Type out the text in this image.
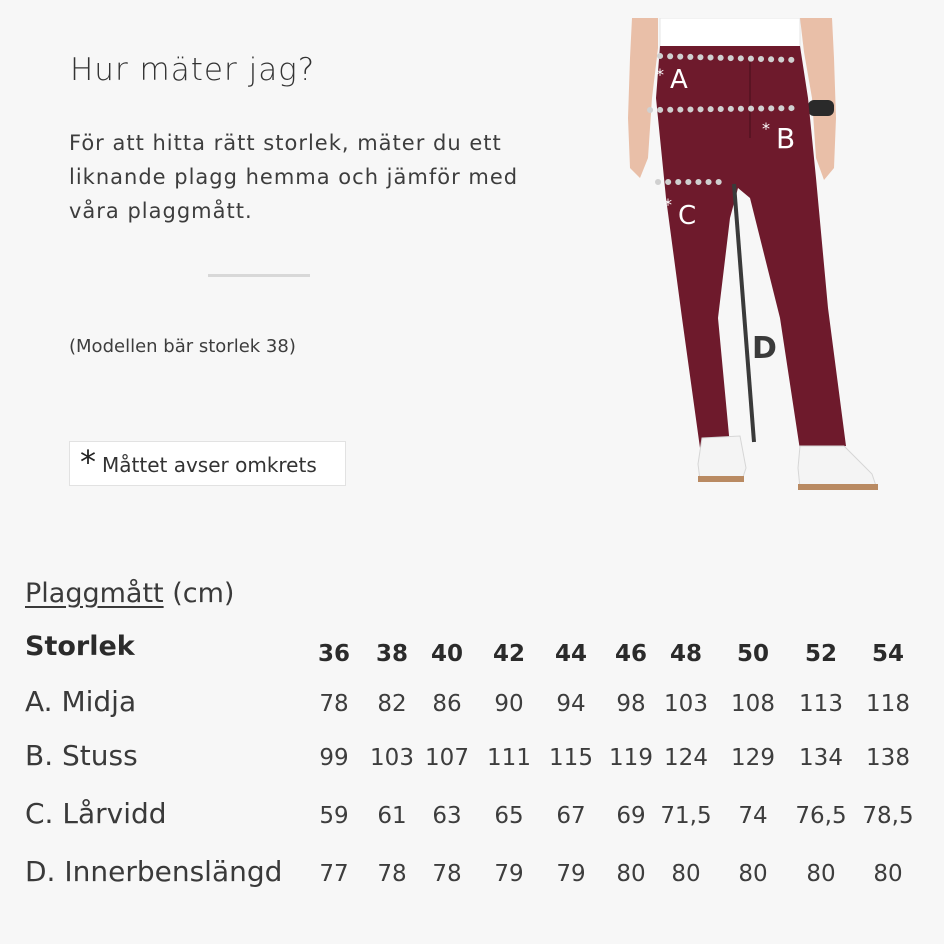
Hur mäter jag?

För att hitta rätt storlek, mäter du ett liknande plagg hemma och jämför med våra plaggmått.

(Modellen bär storlek 38)
* Måttet avser omkrets
* A
* B
* C
D
Plaggmått (cm)
Storlek	36 38 40 42 44 46 48 50 52 54
A. Midja	78 82 86 90 94 98 103 108 113 118
B. Stuss	99 103 107 111 115 119 124 129 134 138
C. Lårvidd	59 61 63 65 67 69 71,5 74 76,5 78,5
D. Innerbenslängd 77 78 78 79 79 80 80 80 80 80
